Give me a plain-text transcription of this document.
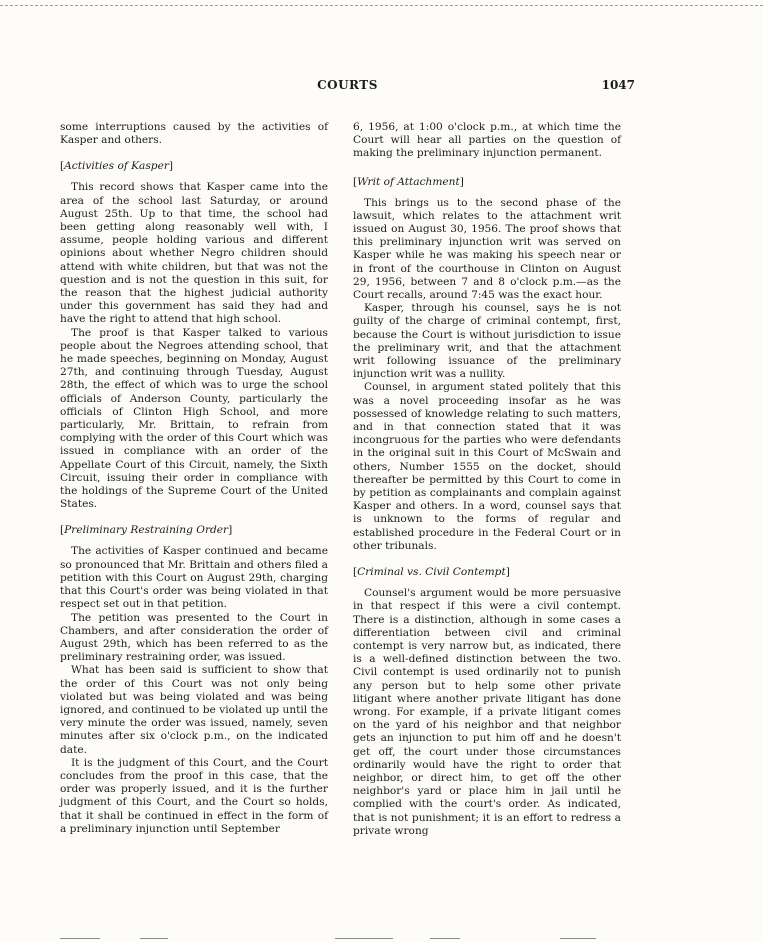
COURTS	1047

some interruptions caused by the activities of Kasper and others.

[Activities of Kasper]

This record shows that Kasper came into the area of the school last Saturday, or around August 25th. Up to that time, the school had been getting along reasonably well with, I assume, people holding various and different opinions about whether Negro children should attend with white children, but that was not the question and is not the question in this suit, for the reason that the highest judicial authority under this government has said they had and have the right to attend that high school.

The proof is that Kasper talked to various people about the Negroes attending school, that he made speeches, beginning on Monday, August 27th, and continuing through Tuesday, August 28th, the effect of which was to urge the school officials of Anderson County, particularly the officials of Clinton High School, and more particularly, Mr. Brittain, to refrain from complying with the order of this Court which was issued in compliance with an order of the Appellate Court of this Circuit, namely, the Sixth Circuit, issuing their order in compliance with the holdings of the Supreme Court of the United States.

[Preliminary Restraining Order]

The activities of Kasper continued and became so pronounced that Mr. Brittain and others filed a petition with this Court on August 29th, charging that this Court's order was being violated in that respect set out in that petition.

The petition was presented to the Court in Chambers, and after consideration the order of August 29th, which has been referred to as the preliminary restraining order, was issued.

What has been said is sufficient to show that the order of this Court was not only being violated but was being violated and was being ignored, and continued to be violated up until the very minute the order was issued, namely, seven minutes after six o'clock p.m., on the indicated date.

It is the judgment of this Court, and the Court concludes from the proof in this case, that the order was properly issued, and it is the further judgment of this Court, and the Court so holds, that it shall be continued in effect in the form of a preliminary injunction until September

6, 1956, at 1:00 o'clock p.m., at which time the Court will hear all parties on the question of making the preliminary injunction permanent.

[Writ of Attachment]

This brings us to the second phase of the lawsuit, which relates to the attachment writ issued on August 30, 1956. The proof shows that this preliminary injunction writ was served on Kasper while he was making his speech near or in front of the courthouse in Clinton on August 29, 1956, between 7 and 8 o'clock p.m.—as the Court recalls, around 7:45 was the exact hour.

Kasper, through his counsel, says he is not guilty of the charge of criminal contempt, first, because the Court is without jurisdiction to issue the preliminary writ, and that the attachment writ following issuance of the preliminary injunction writ was a nullity.

Counsel, in argument stated politely that this was a novel proceeding insofar as he was possessed of knowledge relating to such matters, and in that connection stated that it was incongruous for the parties who were defendants in the original suit in this Court of McSwain and others, Number 1555 on the docket, should thereafter be permitted by this Court to come in by petition as complainants and complain against Kasper and others. In a word, counsel says that is unknown to the forms of regular and established procedure in the Federal Court or in other tribunals.

[Criminal vs. Civil Contempt]

Counsel's argument would be more persuasive in that respect if this were a civil contempt. There is a distinction, although in some cases a differentiation between civil and criminal contempt is very narrow but, as indicated, there is a well-defined distinction between the two. Civil contempt is used ordinarily not to punish any person but to help some other private litigant where another private litigant has done wrong. For example, if a private litigant comes on the yard of his neighbor and that neighbor gets an injunction to put him off and he doesn't get off, the court under those circumstances ordinarily would have the right to order that neighbor, or direct him, to get off the other neighbor's yard or place him in jail until he complied with the court's order. As indicated, that is not punishment; it is an effort to redress a private wrong
